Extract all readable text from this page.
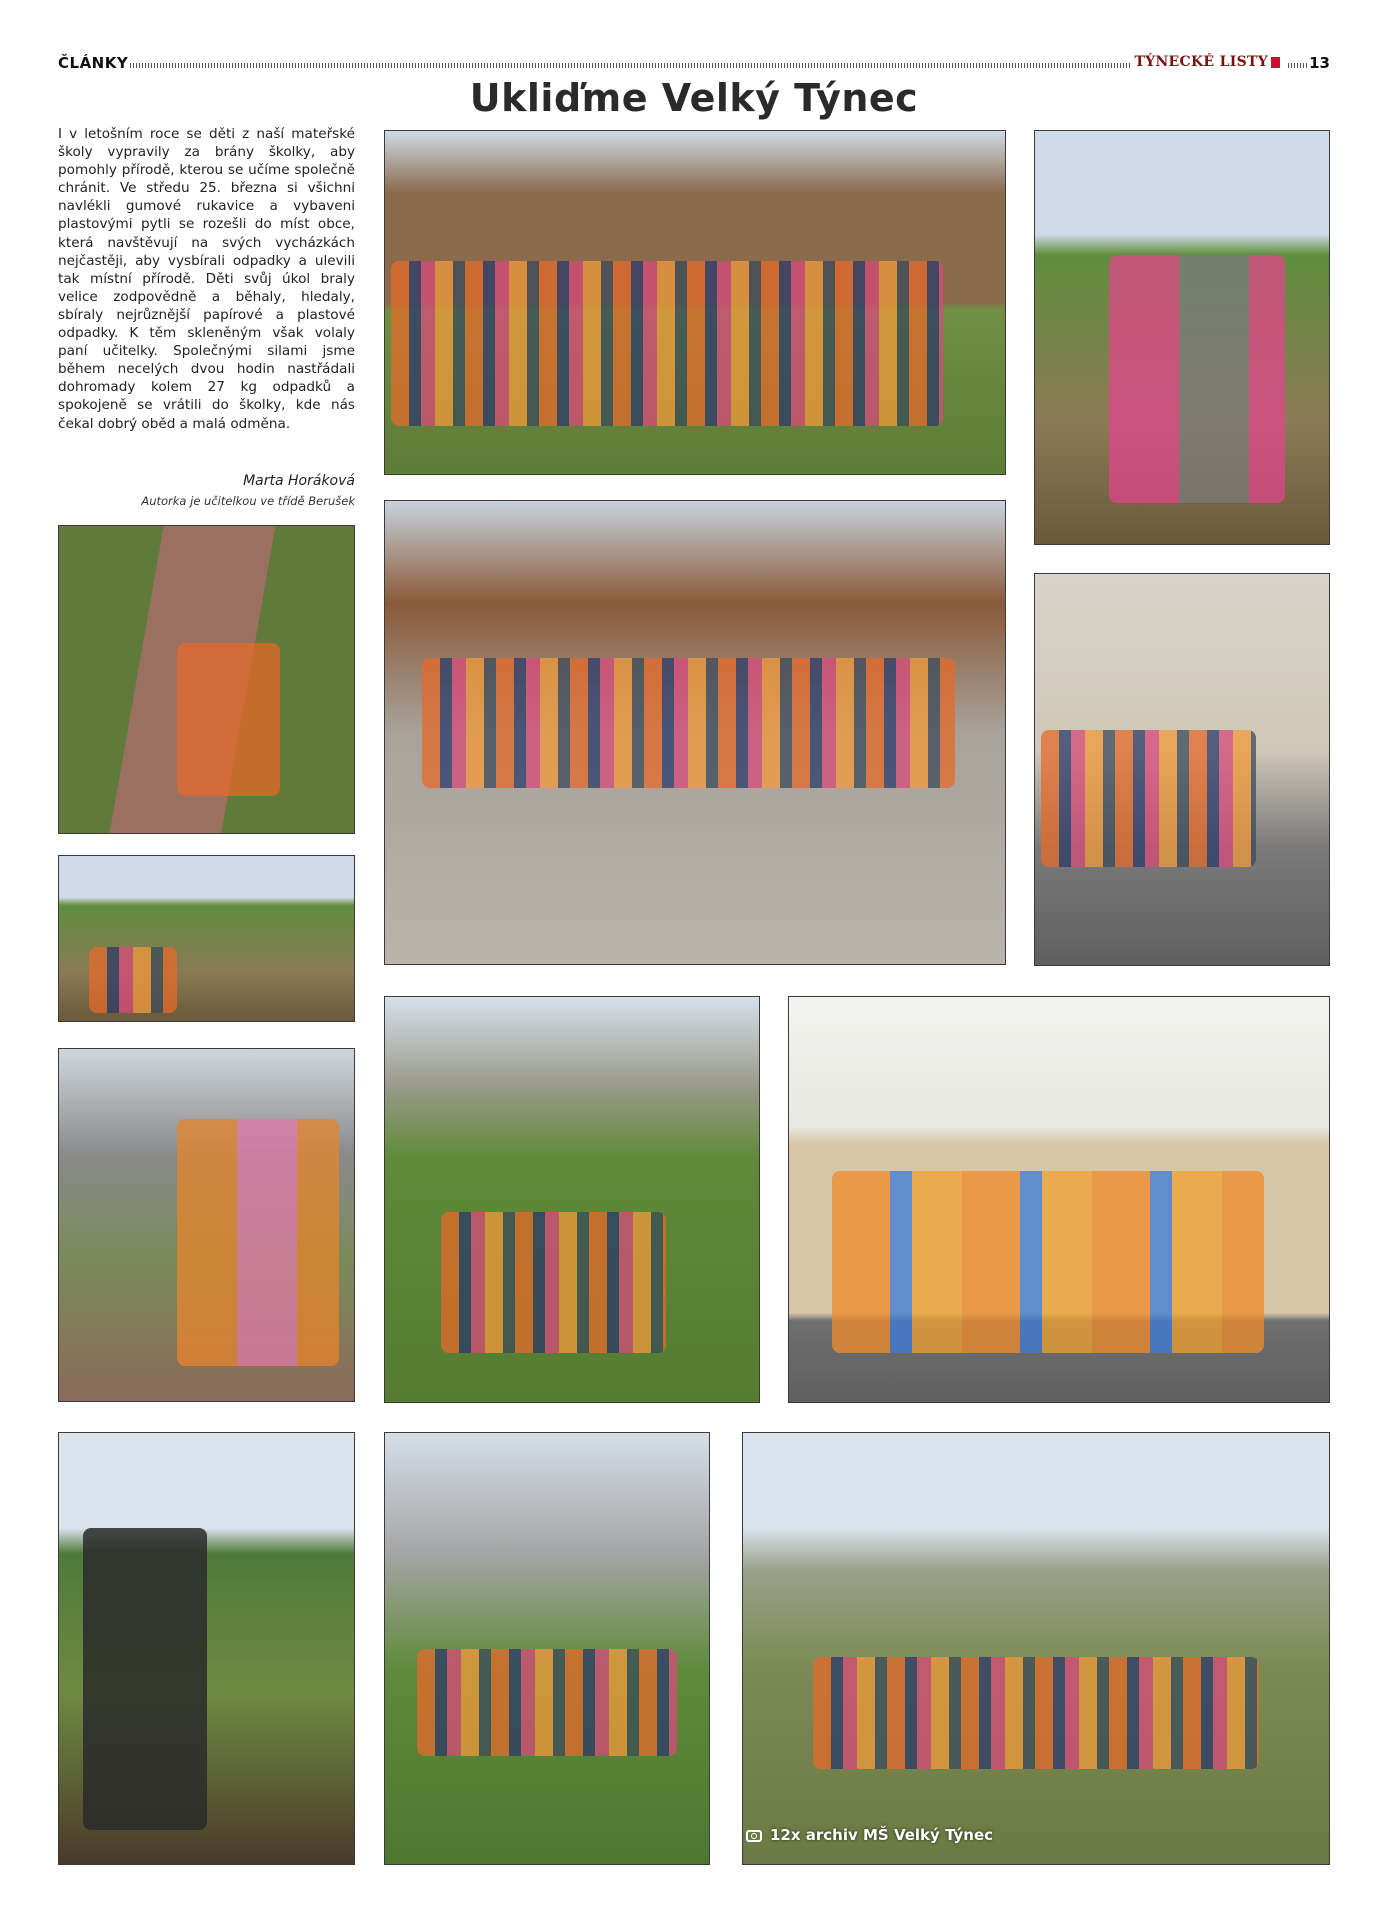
ČLÁNKY	TÝNECKÉ LISTY	13
Ukliďme Velký Týnec
I v letošním roce se děti z naší mateřské školy vypravily za brány školky, aby pomohly přírodě, kterou se učíme společně chránit. Ve středu 25. března si všichni navlékli gumové rukavice a vybaveni plastovými pytli se rozešli do míst obce, která navštěvují na svých vycházkách nejčastěji, aby vysbírali odpadky a ulevili tak místní přírodě. Děti svůj úkol braly velice zodpovědně a běhaly, hledaly, sbíraly nejrůznější papírové a plastové odpadky. K těm skleněným však volaly paní učitelky. Společnými silami jsme během necelých dvou hodin nastřádali dohromady kolem 27 kg odpadků a spokojeně se vrátili do školky, kde nás čekal dobrý oběd a malá odměna.
Marta Horáková
Autorka je učitelkou ve třídě Berušek
12x archiv MŠ Velký Týnec
